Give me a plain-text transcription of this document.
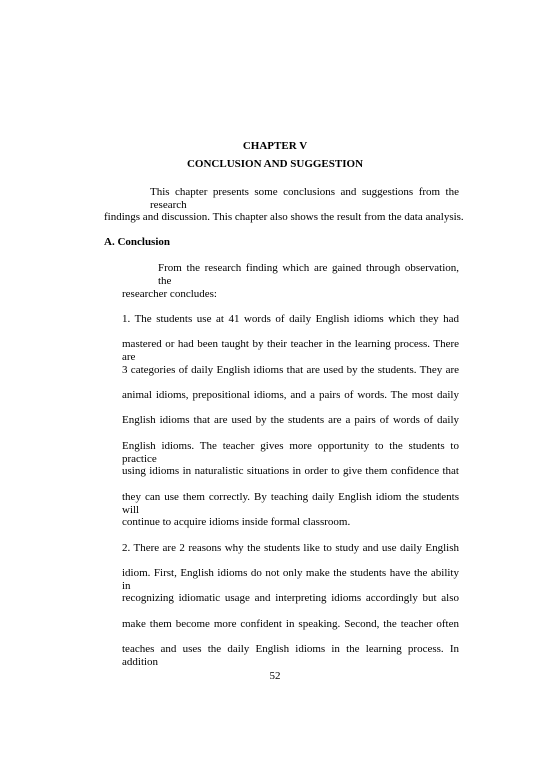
CHAPTER V
CONCLUSION AND SUGGESTION
This chapter presents some conclusions and suggestions from the research
findings and discussion. This chapter also shows the result from the data analysis.
A. Conclusion
From the research finding which are gained through observation, the
researcher concludes:
1. The students use at 41 words of daily English idioms which they had
mastered or had been taught by their teacher in the learning process. There are
3 categories of daily English idioms that are used by the students. They are
animal idioms, prepositional idioms, and a pairs of words. The most daily
English idioms that are used by the students are a pairs of words of daily
English idioms. The teacher gives more opportunity to the students to practice
using idioms in naturalistic situations in order to give them confidence that
they can use them correctly. By teaching daily English idiom the students will
continue to acquire idioms inside formal classroom.
2. There are 2 reasons why the students like to study and use daily English
idiom. First, English idioms do not only make the students have the ability in
recognizing idiomatic usage and interpreting idioms accordingly but also
make them become more confident in speaking. Second, the teacher often
teaches and uses the daily English idioms in the learning process. In addition
52
